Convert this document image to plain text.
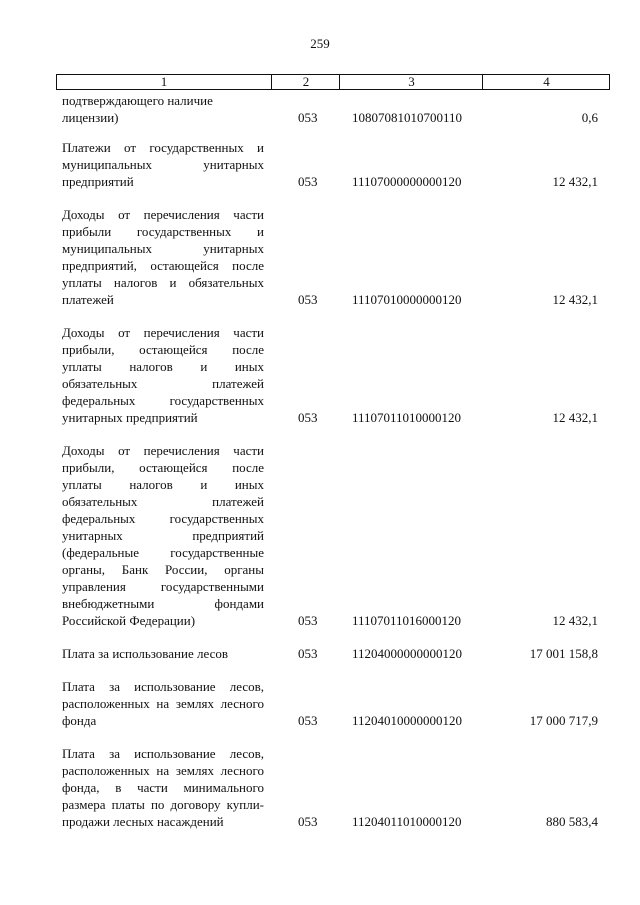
259
1	2	3	4
подтверждающего наличие
лицензии)	053	10807081010700110	0,6
Платежи от государственных и муниципальных унитарных предприятий	053	11107000000000120	12 432,1
Доходы от перечисления части прибыли государственных и муниципальных унитарных предприятий, остающейся после уплаты налогов и обязательных платежей	053	11107010000000120	12 432,1
Доходы от перечисления части прибыли, остающейся после уплаты налогов и иных обязательных платежей федеральных государственных унитарных предприятий	053	11107011010000120	12 432,1
Доходы от перечисления части прибыли, остающейся после уплаты налогов и иных обязательных платежей федеральных государственных унитарных предприятий (федеральные государственные органы, Банк России, органы управления государственными внебюджетными фондами Российской Федерации)	053	11107011016000120	12 432,1
Плата за использование лесов	053	11204000000000120	17 001 158,8
Плата за использование лесов, расположенных на землях лесного фонда	053	11204010000000120	17 000 717,9
Плата за использование лесов, расположенных на землях лесного фонда, в части минимального размера платы по договору купли-продажи лесных насаждений	053	11204011010000120	880 583,4
